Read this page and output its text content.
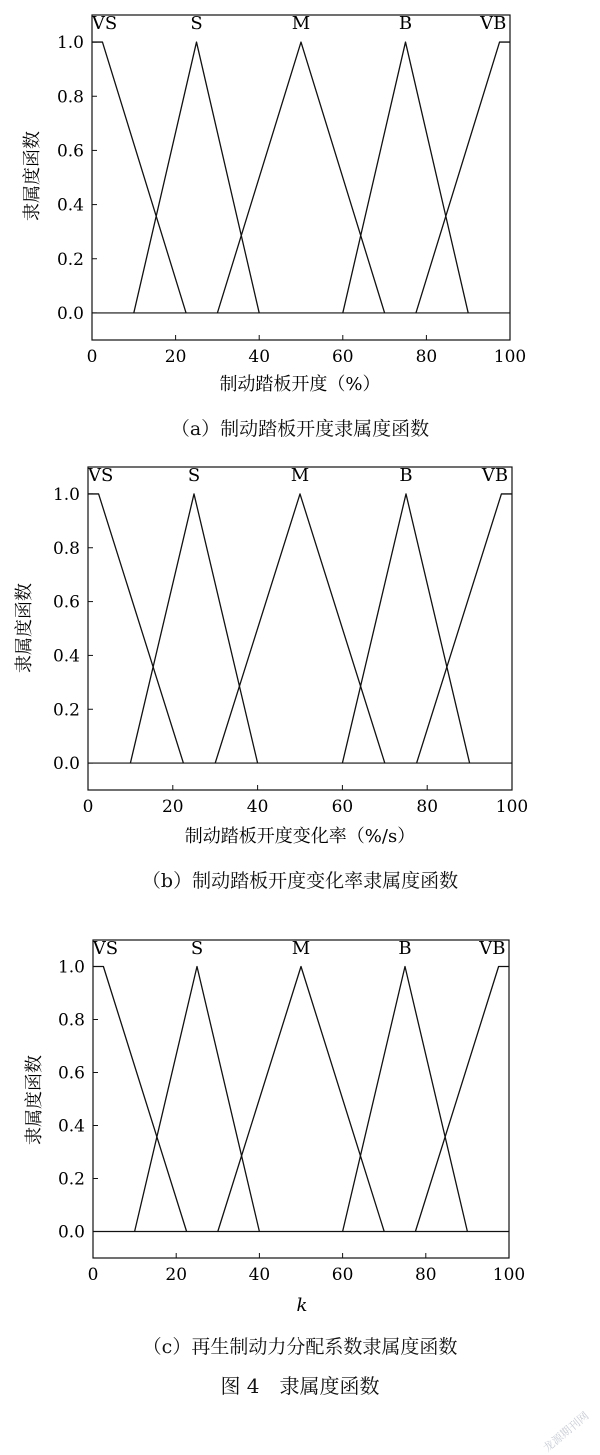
0	20	40	60	80	100
0.0
0.2
0.4
0.6
0.8
1.0
VS	S	M	B	VB
制动踏板开度（%）
隶属度函数
（a）制动踏板开度隶属度函数
0	20	40	60	80	100
0.0
0.2
0.4
0.6
0.8
1.0
VS	S	M	B	VB
制动踏板开度变化率（%/s）
隶属度函数
（b）制动踏板开度变化率隶属度函数
0	20	40	60	80	100
0.0
0.2
0.4
0.6
0.8
1.0
VS	S	M	B	VB
k
隶属度函数
（c）再生制动力分配系数隶属度函数
图 4　隶属度函数
龙源期刊网
